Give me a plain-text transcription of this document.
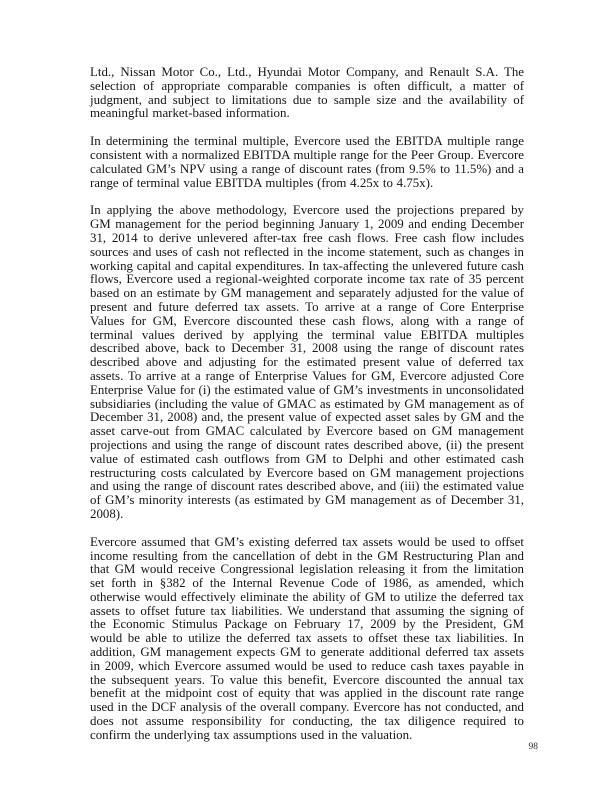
Ltd., Nissan Motor Co., Ltd., Hyundai Motor Company, and Renault S.A. The selection of appropriate comparable companies is often difficult, a matter of judgment, and subject to limitations due to sample size and the availability of meaningful market-based information.

In determining the terminal multiple, Evercore used the EBITDA multiple range consistent with a normalized EBITDA multiple range for the Peer Group. Evercore calculated GM’s NPV using a range of discount rates (from 9.5% to 11.5%) and a range of terminal value EBITDA multiples (from 4.25x to 4.75x).

In applying the above methodology, Evercore used the projections prepared by GM management for the period beginning January 1, 2009 and ending December 31, 2014 to derive unlevered after-tax free cash flows. Free cash flow includes sources and uses of cash not reflected in the income statement, such as changes in working capital and capital expenditures. In tax-affecting the unlevered future cash flows, Evercore used a regional-weighted corporate income tax rate of 35 percent based on an estimate by GM management and separately adjusted for the value of present and future deferred tax assets. To arrive at a range of Core Enterprise Values for GM, Evercore discounted these cash flows, along with a range of terminal values derived by applying the terminal value EBITDA multiples described above, back to December 31, 2008 using the range of discount rates described above and adjusting for the estimated present value of deferred tax assets. To arrive at a range of Enterprise Values for GM, Evercore adjusted Core Enterprise Value for (i) the estimated value of GM’s investments in unconsolidated subsidiaries (including the value of GMAC as estimated by GM management as of December 31, 2008) and, the present value of expected asset sales by GM and the asset carve-out from GMAC calculated by Evercore based on GM management projections and using the range of discount rates described above, (ii) the present value of estimated cash outflows from GM to Delphi and other estimated cash restructuring costs calculated by Evercore based on GM management projections and using the range of discount rates described above, and (iii) the estimated value of GM’s minority interests (as estimated by GM management as of December 31, 2008).

Evercore assumed that GM’s existing deferred tax assets would be used to offset income resulting from the cancellation of debt in the GM Restructuring Plan and that GM would receive Congressional legislation releasing it from the limitation set forth in §382 of the Internal Revenue Code of 1986, as amended, which otherwise would effectively eliminate the ability of GM to utilize the deferred tax assets to offset future tax liabilities. We understand that assuming the signing of the Economic Stimulus Package on February 17, 2009 by the President, GM would be able to utilize the deferred tax assets to offset these tax liabilities. In addition, GM management expects GM to generate additional deferred tax assets in 2009, which Evercore assumed would be used to reduce cash taxes payable in the subsequent years. To value this benefit, Evercore discounted the annual tax benefit at the midpoint cost of equity that was applied in the discount rate range used in the DCF analysis of the overall company. Evercore has not conducted, and does not assume responsibility for conducting, the tax diligence required to confirm the underlying tax assumptions used in the valuation.

98
